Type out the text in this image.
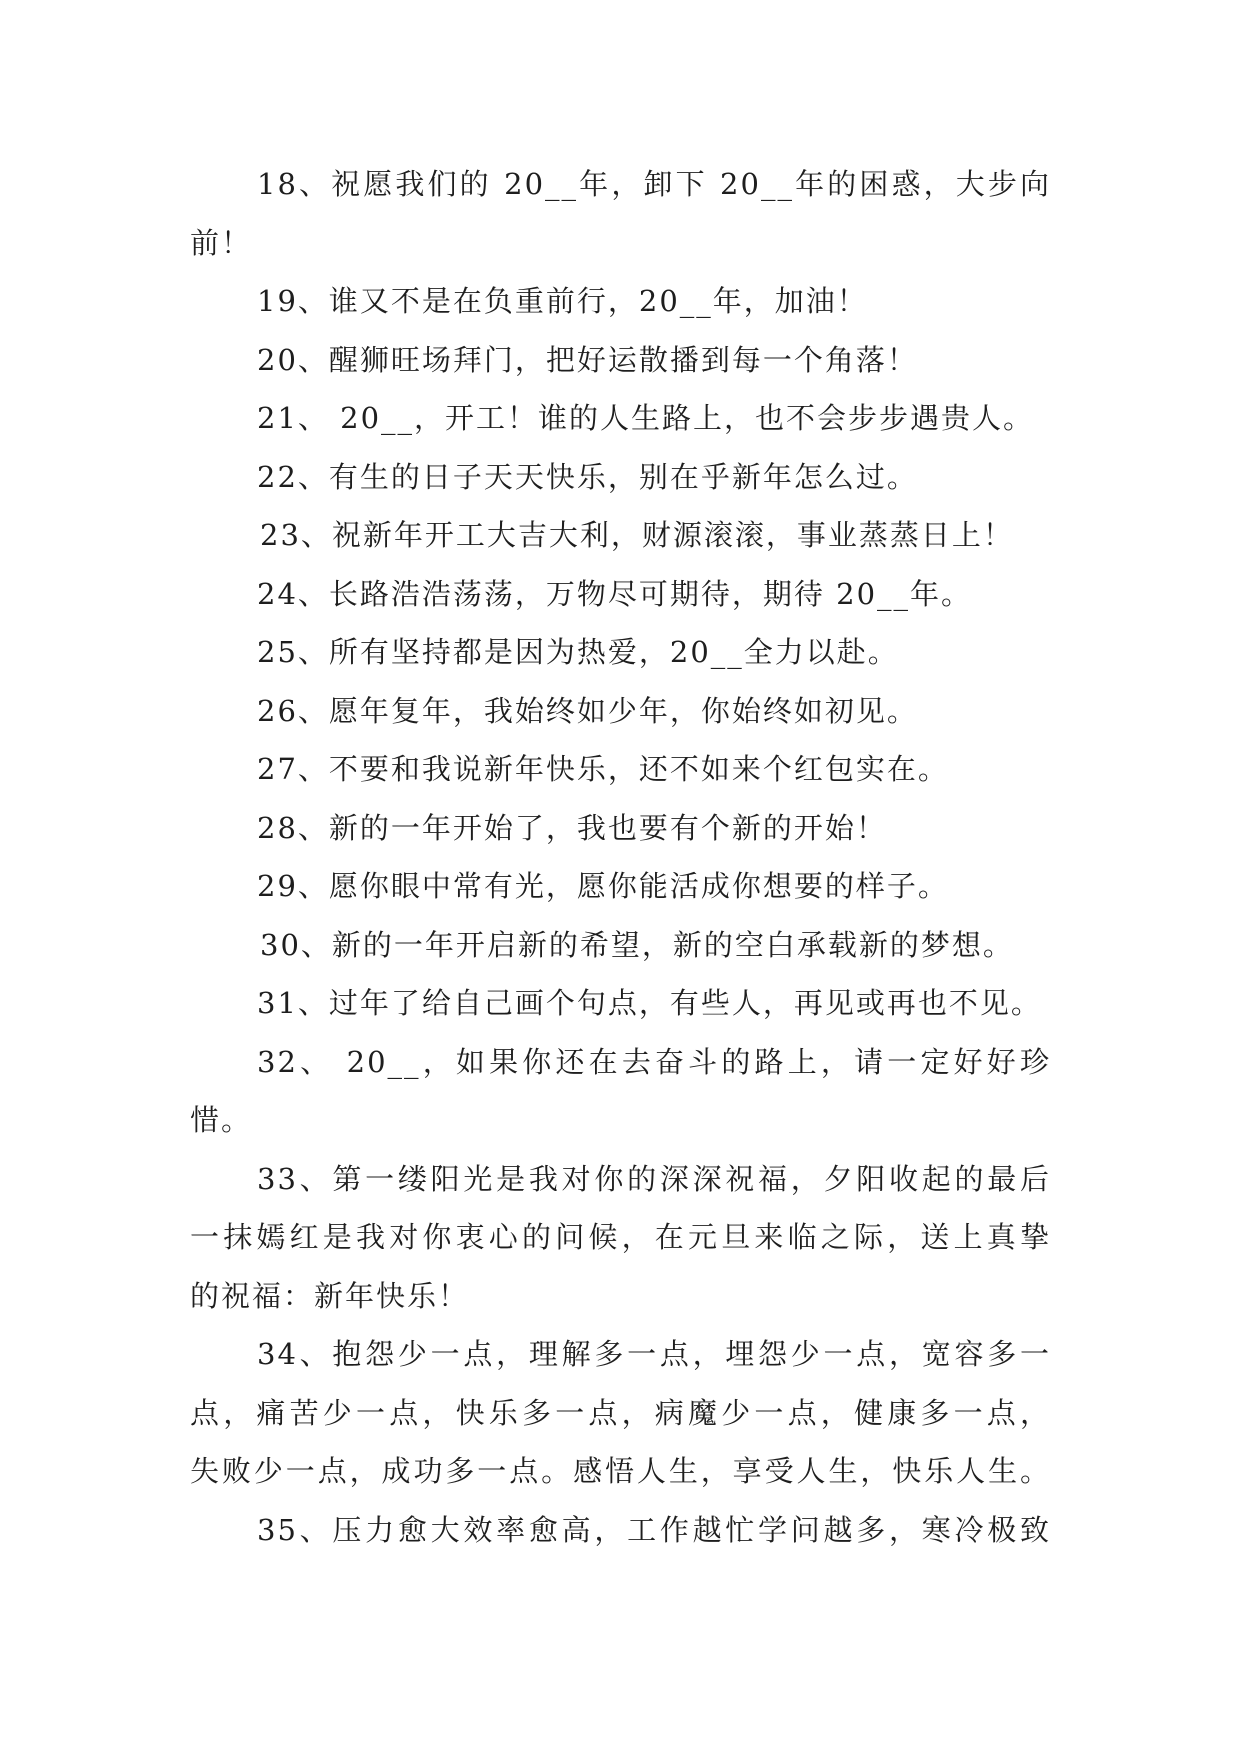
18、祝愿我们的 20__年，卸下 20__年的困惑，大步向
前！
19、谁又不是在负重前行，20__年，加油！
20、醒狮旺场拜门，把好运散播到每一个角落！
21、 20__，开工！谁的人生路上，也不会步步遇贵人。
22、有生的日子天天快乐，别在乎新年怎么过。
23、祝新年开工大吉大利，财源滚滚，事业蒸蒸日上！
24、长路浩浩荡荡，万物尽可期待，期待 20__年。
25、所有坚持都是因为热爱，20__全力以赴。
26、愿年复年，我始终如少年，你始终如初见。
27、不要和我说新年快乐，还不如来个红包实在。
28、新的一年开始了，我也要有个新的开始！
29、愿你眼中常有光，愿你能活成你想要的样子。
30、新的一年开启新的希望，新的空白承载新的梦想。
31、过年了给自己画个句点，有些人，再见或再也不见。
32、 20__，如果你还在去奋斗的路上，请一定好好珍
惜。
33、第一缕阳光是我对你的深深祝福，夕阳收起的最后
一抹嫣红是我对你衷心的问候，在元旦来临之际，送上真挚
的祝福：新年快乐！
34、抱怨少一点，理解多一点，埋怨少一点，宽容多一
点，痛苦少一点，快乐多一点，病魔少一点，健康多一点，
失败少一点，成功多一点。感悟人生，享受人生，快乐人生。
35、压力愈大效率愈高，工作越忙学问越多，寒冷极致
